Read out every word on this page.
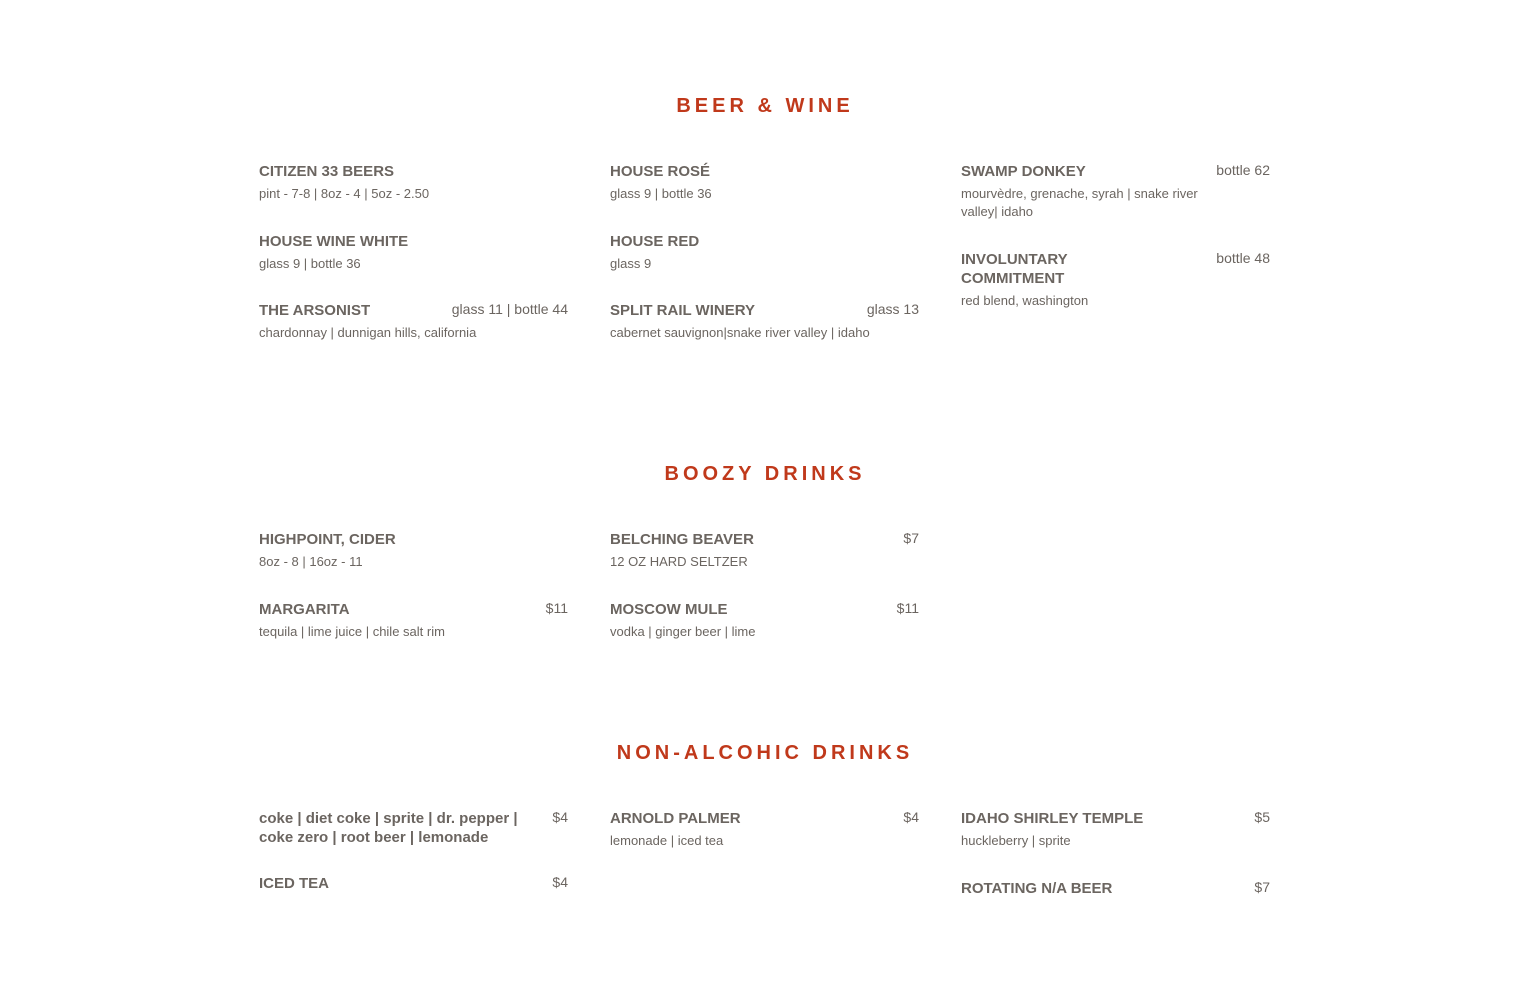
BEER & WINE
CITIZEN 33 BEERS
pint - 7-8 | 8oz - 4 | 5oz - 2.50
HOUSE WINE WHITE
glass 9 | bottle 36
THE ARSONIST	glass 11 | bottle 44
chardonnay | dunnigan hills, california
HOUSE ROSÉ
glass 9 | bottle 36
HOUSE RED
glass 9
SPLIT RAIL WINERY	glass 13
cabernet sauvignon|snake river valley | idaho
SWAMP DONKEY	bottle 62
mourvèdre, grenache, syrah | snake river valley| idaho
INVOLUNTARY COMMITMENT
bottle 48
red blend, washington
BOOZY DRINKS
HIGHPOINT, CIDER
8oz - 8 | 16oz - 11
MARGARITA	$11
tequila | lime juice | chile salt rim
BELCHING BEAVER	$7
12 OZ HARD SELTZER
MOSCOW MULE	$11
vodka | ginger beer | lime
NON-ALCOHIC DRINKS
coke | diet coke | sprite | dr. pepper | coke zero | root beer | lemonade
$4
ICED TEA	$4
ARNOLD PALMER	$4
lemonade | iced tea
IDAHO SHIRLEY TEMPLE	$5
huckleberry | sprite
ROTATING N/A BEER	$7
